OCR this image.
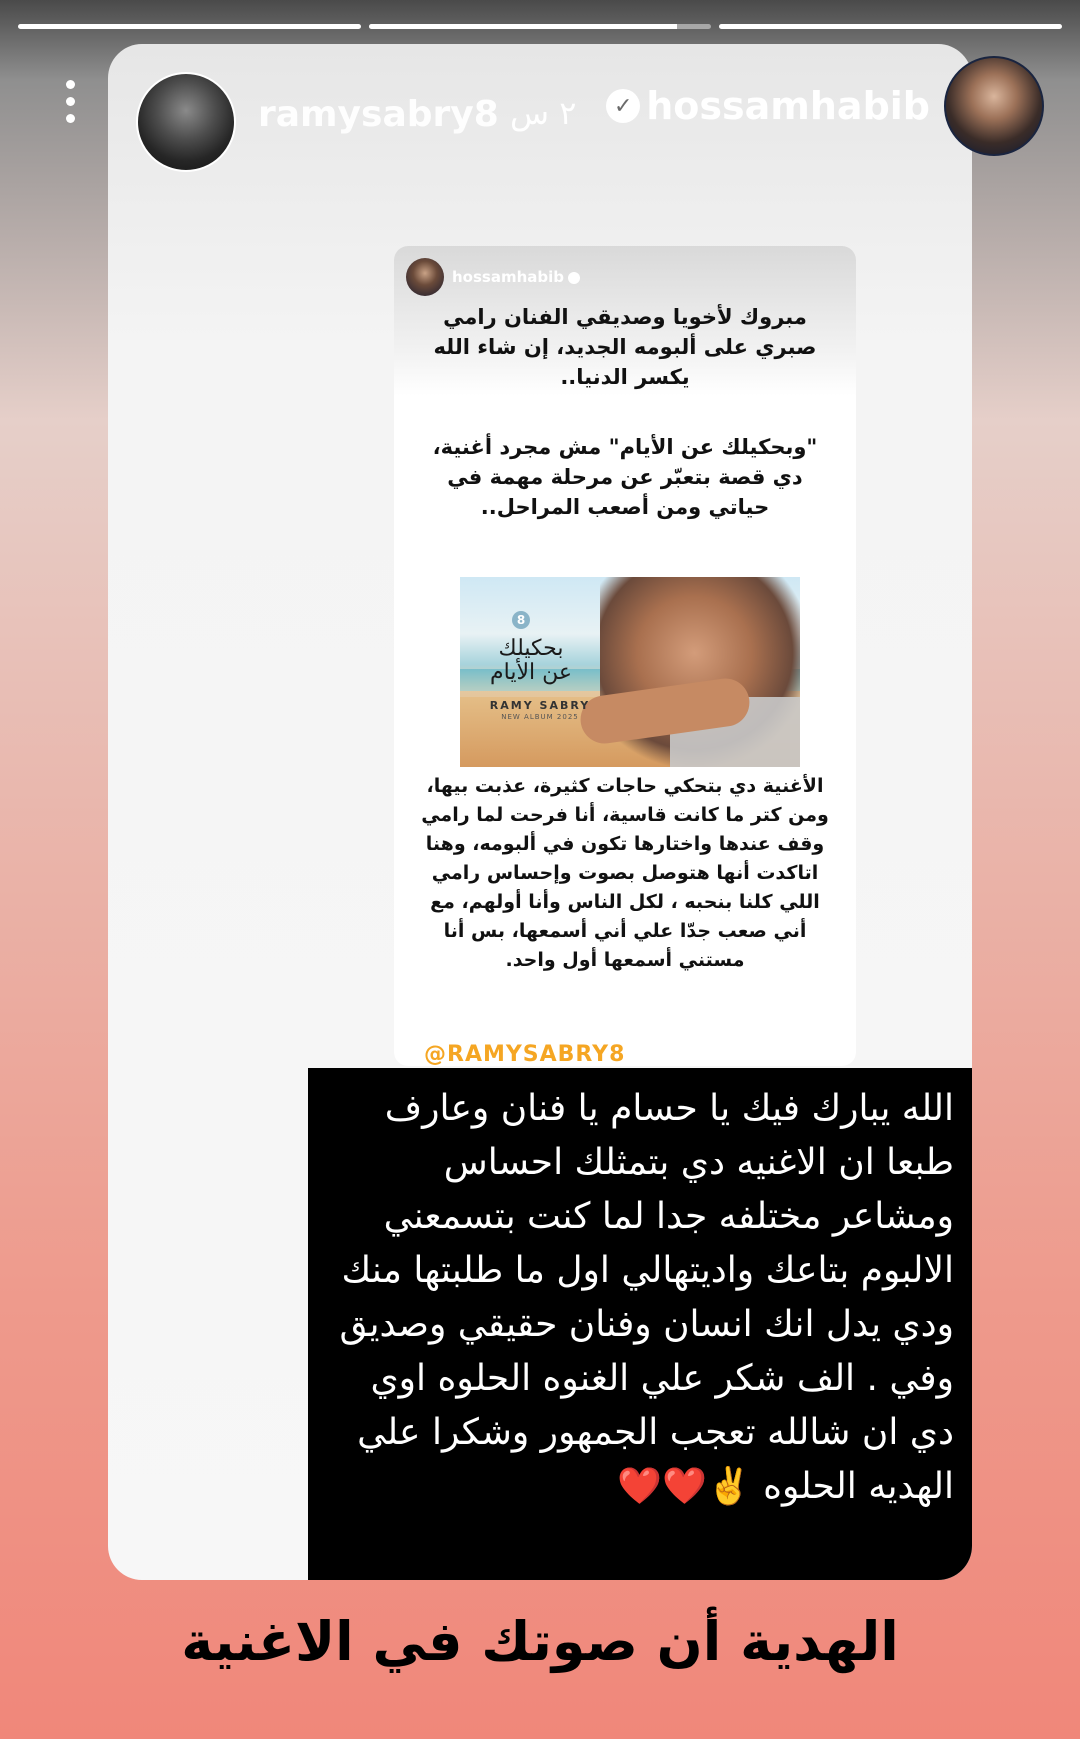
ramysabry8 ٢ س
hossamhabib
مبروك لأخويا وصديقي الفنان رامي صبري على ألبومه الجديد، إن شاء الله يكسر الدنيا..
"وبحكيلك عن الأيام" مش مجرد أغنية، دي قصة بتعبّر عن مرحلة مهمة في حياتي ومن أصعب المراحل..
8
بحكيلك عن الأيام
RAMY SABRY
NEW ALBUM 2025
الأغنية دي بتحكي حاجات كثيرة، عذبت بيها، ومن كتر ما كانت قاسية، أنا فرحت لما رامي وقف عندها واختارها تكون في ألبومه، وهنا اتاكدت أنها هتوصل بصوت وإحساس رامي اللي كلنا بنحبه ، لكل الناس وأنا أولهم، مع أني صعب جدّا علي أني أسمعها، بس أنا مستني أسمعها أول واحد.
@RAMYSABRY8
الله يبارك فيك يا حسام يا فنان وعارف طبعا ان الاغنيه دي بتمثلك احساس ومشاعر مختلفه جدا لما كنت بتسمعني الالبوم بتاعك واديتهالي اول ما طلبتها منك ودي يدل انك انسان وفنان حقيقي وصديق وفي . الف شكر علي الغنوه الحلوه اوي دي ان شالله تعجب الجمهور وشكرا علي الهديه الحلوه ✌️❤️❤️
✓ hossamhabib
الهدية أن صوتك في الاغنية
